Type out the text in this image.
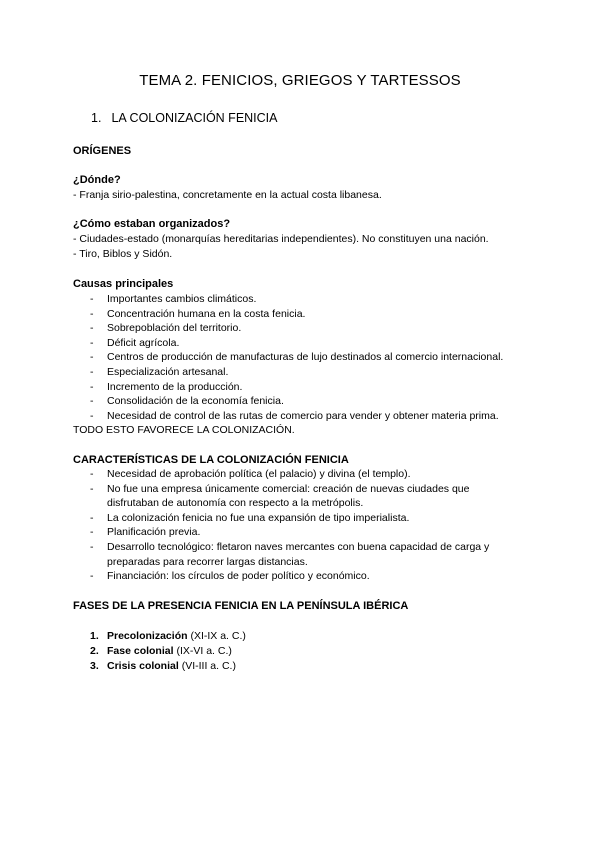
TEMA 2. FENICIOS, GRIEGOS Y TARTESSOS
1. LA COLONIZACIÓN FENICIA

ORÍGENES

¿Dónde?

- Franja sirio-palestina, concretamente en la actual costa libanesa.

¿Cómo estaban organizados?

- Ciudades-estado (monarquías hereditarias independientes). No constituyen una nación.

- Tiro, Biblos y Sidón.

Causas principales

- Importantes cambios climáticos.
- Concentración humana en la costa fenicia.
- Sobrepoblación del territorio.
- Déficit agrícola.
- Centros de producción de manufacturas de lujo destinados al comercio internacional.
- Especialización artesanal.
- Incremento de la producción.
- Consolidación de la economía fenicia.
- Necesidad de control de las rutas de comercio para vender y obtener materia prima.

TODO ESTO FAVORECE LA COLONIZACIÓN.

CARACTERÍSTICAS DE LA COLONIZACIÓN FENICIA

- Necesidad de aprobación política (el palacio) y divina (el templo).
- No fue una empresa únicamente comercial: creación de nuevas ciudades que disfrutaban de autonomía con respecto a la metrópolis.
- La colonización fenicia no fue una expansión de tipo imperialista.
- Planificación previa.
- Desarrollo tecnológico: fletaron naves mercantes con buena capacidad de carga y preparadas para recorrer largas distancias.
- Financiación: los círculos de poder político y económico.

FASES DE LA PRESENCIA FENICIA EN LA PENÍNSULA IBÉRICA

1. Precolonización (XI-IX a. C.)
2. Fase colonial (IX-VI a. C.)
3. Crisis colonial (VI-III a. C.)
